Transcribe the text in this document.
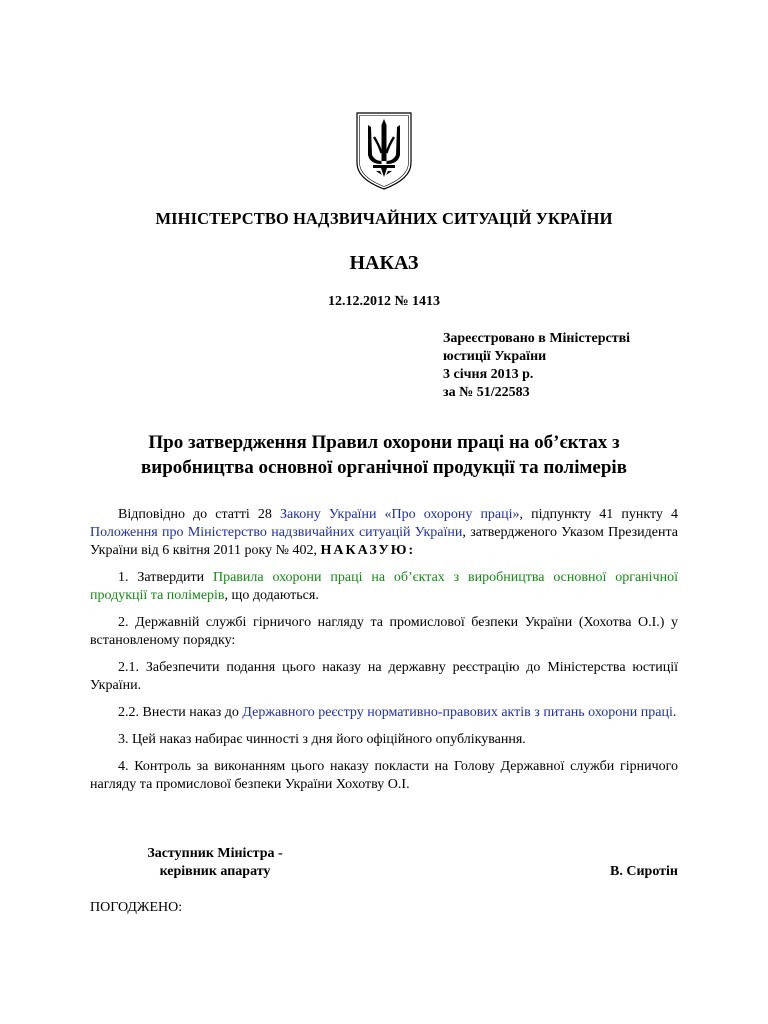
МІНІСТЕРСТВО НАДЗВИЧАЙНИХ СИТУАЦІЙ УКРАЇНИ
НАКАЗ
12.12.2012 № 1413
Зареєстровано в Міністерстві
юстиції України
3 січня 2013 р.
за № 51/22583
Про затвердження Правил охорони праці на об’єктах з виробництва основної органічної продукції та полімерів

Відповідно до статті 28 Закону України «Про охорону праці», підпункту 41 пункту 4 Положення про Міністерство надзвичайних ситуацій України, затвердженого Указом Президента України від 6 квітня 2011 року № 402, НАКАЗУЮ:

1. Затвердити Правила охорони праці на об’єктах з виробництва основної органічної продукції та полімерів, що додаються.

2. Державній службі гірничого нагляду та промислової безпеки України (Хохотва О.І.) у встановленому порядку:

2.1. Забезпечити подання цього наказу на державну реєстрацію до Міністерства юстиції України.

2.2. Внести наказ до Державного реєстру нормативно-правових актів з питань охорони праці.

3. Цей наказ набирає чинності з дня його офіційного опублікування.

4. Контроль за виконанням цього наказу покласти на Голову Державної служби гірничого нагляду та промислової безпеки України Хохотву О.І.

Заступник Міністра -
керівник апарату	В. Сиротін
ПОГОДЖЕНО:
